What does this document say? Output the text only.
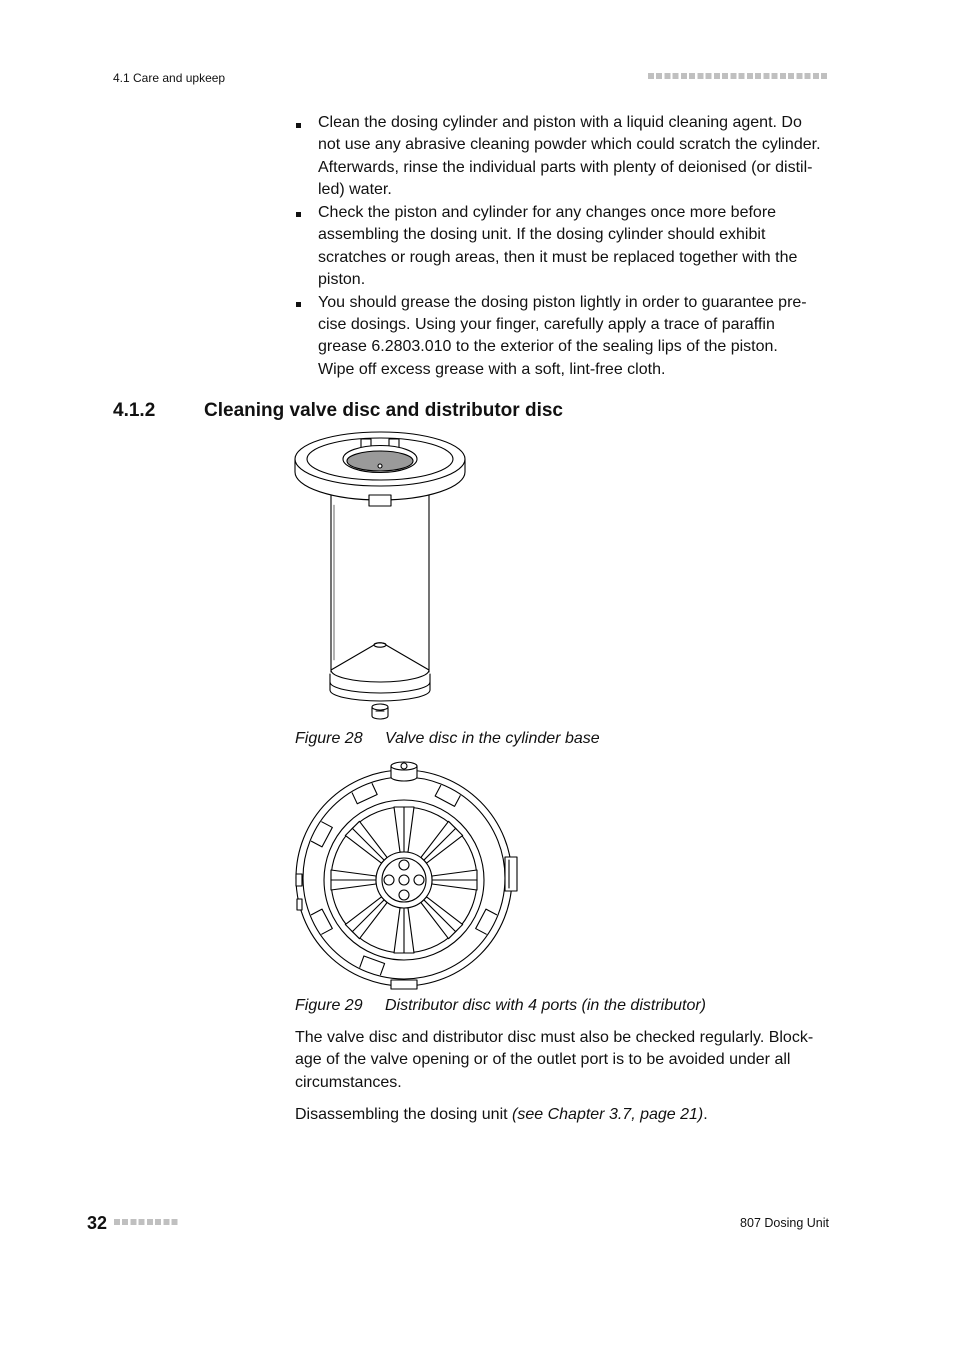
4.1 Care and upkeep
Clean the dosing cylinder and piston with a liquid cleaning agent. Do
not use any abrasive cleaning powder which could scratch the cylinder.
Afterwards, rinse the individual parts with plenty of deionised (or distil-
led) water.
Check the piston and cylinder for any changes once more before
assembling the dosing unit. If the dosing cylinder should exhibit
scratches or rough areas, then it must be replaced together with the
piston.
You should grease the dosing piston lightly in order to guarantee pre-
cise dosings. Using your finger, carefully apply a trace of paraffin
grease 6.2803.010 to the exterior of the sealing lips of the piston.
Wipe off excess grease with a soft, lint-free cloth.
4.1.2	Cleaning valve disc and distributor disc
Figure 28 Valve disc in the cylinder base
Figure 29 Distributor disc with 4 ports (in the distributor)
The valve disc and distributor disc must also be checked regularly. Block-
age of the valve opening or of the outlet port is to be avoided under all
circumstances.
Disassembling the dosing unit (see Chapter 3.7, page 21).
32	807 Dosing Unit
